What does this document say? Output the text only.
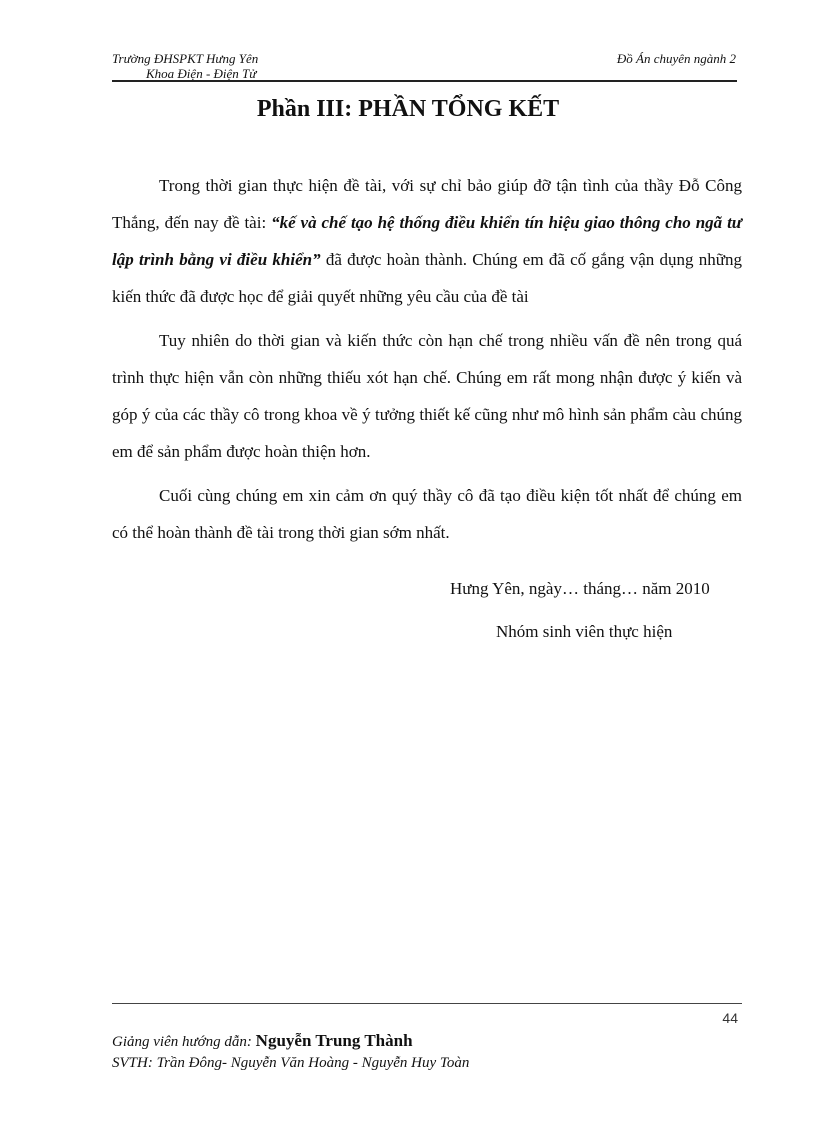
Trường ĐHSPKT Hưng Yên
Khoa Điện - Điện Tử
Đồ Án chuyên ngành 2
Phần III: PHẦN TỔNG KẾT

Trong thời gian thực hiện đề tài, với sự chỉ bảo giúp đỡ tận tình của thầy Đỗ Công Thắng, đến nay đề tài: “kế và chế tạo hệ thống điều khiển tín hiệu giao thông cho ngã tư lập trình bằng vi điều khiển” đã được hoàn thành. Chúng em đã cố gắng vận dụng những kiến thức đã được học để giải quyết những yêu cầu của đề tài

Tuy nhiên do thời gian và kiến thức còn hạn chế trong nhiều vấn đề nên trong quá trình thực hiện vẫn còn những thiếu xót hạn chế. Chúng em rất mong nhận được ý kiến và góp ý của các thầy cô trong khoa về ý tưởng thiết kế cũng như mô hình sản phẩm càu chúng em để sản phẩm được hoàn thiện hơn.

Cuối cùng chúng em xin cảm ơn quý thầy cô đã tạo điều kiện tốt nhất để chúng em có thể hoàn thành đề tài trong thời gian sớm nhất.

Hưng Yên, ngày… tháng… năm 2010
Nhóm sinh viên thực hiện
44
Giảng viên hướng dẫn: Nguyễn Trung Thành
SVTH: Trần Đông- Nguyễn Văn Hoàng - Nguyễn Huy Toàn
